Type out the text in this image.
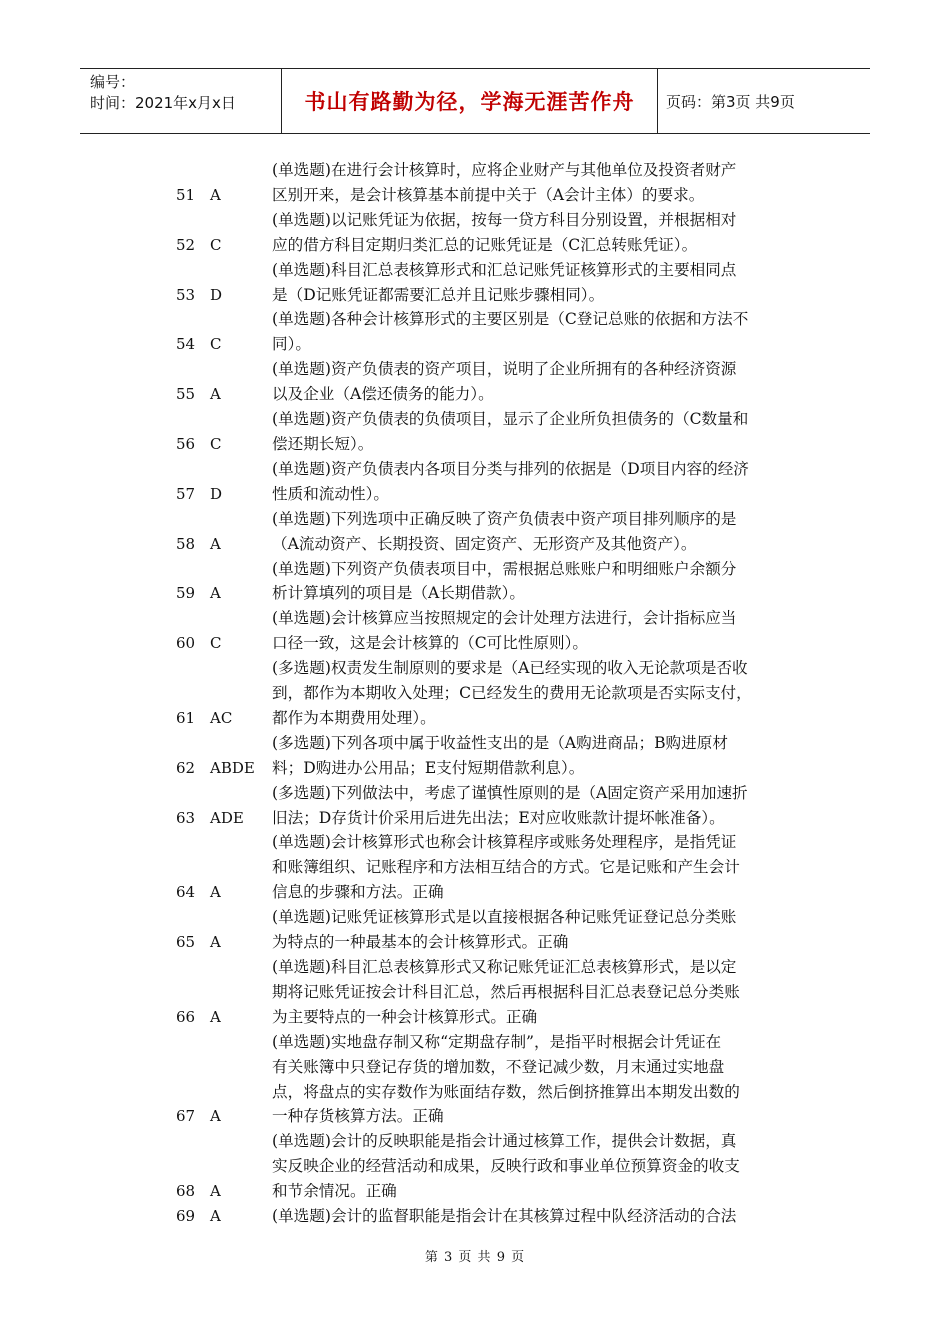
编号：
时间：2021年x月x日	书山有路勤为径，学海无涯苦作舟	页码：第3页 共9页
51 A
(单选题)在进行会计核算时，应将企业财产与其他单位及投资者财产
区别开来，是会计核算基本前提中关于（A会计主体）的要求。
52 C
(单选题)以记账凭证为依据，按每一贷方科目分别设置，并根据相对
应的借方科目定期归类汇总的记账凭证是（C汇总转账凭证）。
53 D
(单选题)科目汇总表核算形式和汇总记账凭证核算形式的主要相同点
是（D记账凭证都需要汇总并且记账步骤相同）。
54 C
(单选题)各种会计核算形式的主要区别是（C登记总账的依据和方法不
同）。
55 A
(单选题)资产负债表的资产项目，说明了企业所拥有的各种经济资源
以及企业（A偿还债务的能力）。
56 C
(单选题)资产负债表的负债项目，显示了企业所负担债务的（C数量和
偿还期长短）。
57 D
(单选题)资产负债表内各项目分类与排列的依据是（D项目内容的经济
性质和流动性）。
58 A
(单选题)下列选项中正确反映了资产负债表中资产项目排列顺序的是
（A流动资产、长期投资、固定资产、无形资产及其他资产）。
59 A
(单选题)下列资产负债表项目中，需根据总账账户和明细账户余额分
析计算填列的项目是（A长期借款）。
60 C
(单选题)会计核算应当按照规定的会计处理方法进行，会计指标应当
口径一致，这是会计核算的（C可比性原则）。
61 AC
(多选题)权责发生制原则的要求是（A已经实现的收入无论款项是否收
到，都作为本期收入处理；C已经发生的费用无论款项是否实际支付，
都作为本期费用处理）。
62 ABDE
(多选题)下列各项中属于收益性支出的是（A购进商品；B购进原材
料；D购进办公用品；E支付短期借款利息）。
63 ADE
(多选题)下列做法中，考虑了谨慎性原则的是（A固定资产采用加速折
旧法；D存货计价采用后进先出法；E对应收账款计提坏帐准备）。
64 A
(单选题)会计核算形式也称会计核算程序或账务处理程序，是指凭证
和账簿组织、记账程序和方法相互结合的方式。它是记账和产生会计
信息的步骤和方法。正确
65 A
(单选题)记账凭证核算形式是以直接根据各种记账凭证登记总分类账
为特点的一种最基本的会计核算形式。正确
66 A
(单选题)科目汇总表核算形式又称记账凭证汇总表核算形式，是以定
期将记账凭证按会计科目汇总，然后再根据科目汇总表登记总分类账
为主要特点的一种会计核算形式。正确
67 A
(单选题)实地盘存制又称“定期盘存制”，是指平时根据会计凭证在
有关账簿中只登记存货的增加数，不登记减少数，月末通过实地盘
点，将盘点的实存数作为账面结存数，然后倒挤推算出本期发出数的
一种存货核算方法。正确
68 A
(单选题)会计的反映职能是指会计通过核算工作，提供会计数据，真
实反映企业的经营活动和成果，反映行政和事业单位预算资金的收支
和节余情况。正确
69 A	(单选题)会计的监督职能是指会计在其核算过程中队经济活动的合法
第 3 页 共 9 页
